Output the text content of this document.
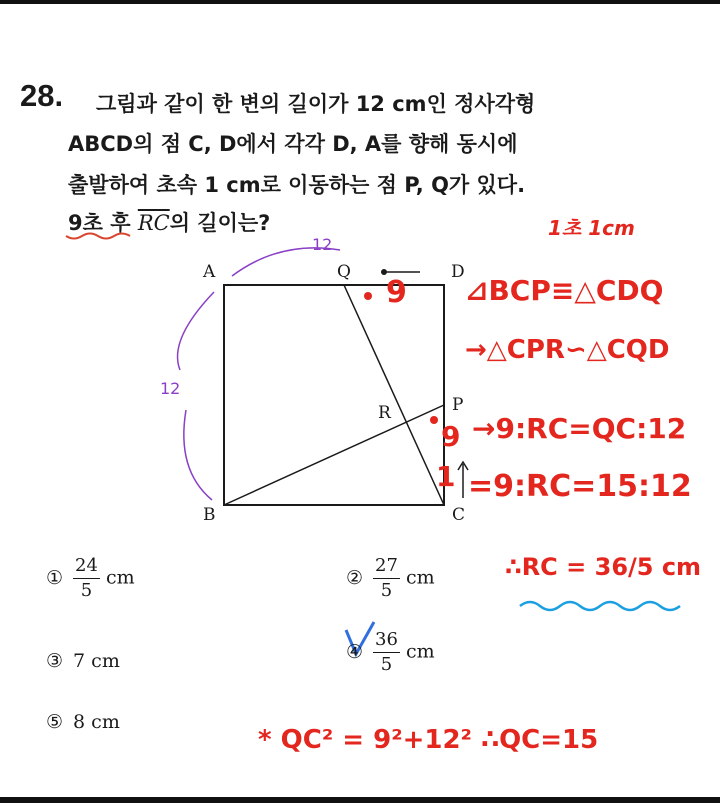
28. 그림과 같이 한 변의 길이가 12 cm인 정사각형
ABCD의 점 C, D에서 각각 D, A를 향해 동시에
출발하여 초속 1 cm로 이동하는 점 P, Q가 있다.
9초 후 $\overline{RC}$의 길이는?
A	Q	D
R	P
B	C
12
12
9
9
1
1초 1cm
⊿BCP≡△CDQ
→△CPR∽△CQD
→9:RC=QC:12
=9:RC=15:12
∴RC = 36/5 cm
* QC² = 9²+12² ∴QC=15
① $\frac{24}{5}$ cm	② $\frac{27}{5}$ cm
③ 7 cm	④ $\frac{36}{5}$ cm
⑤ 8 cm
